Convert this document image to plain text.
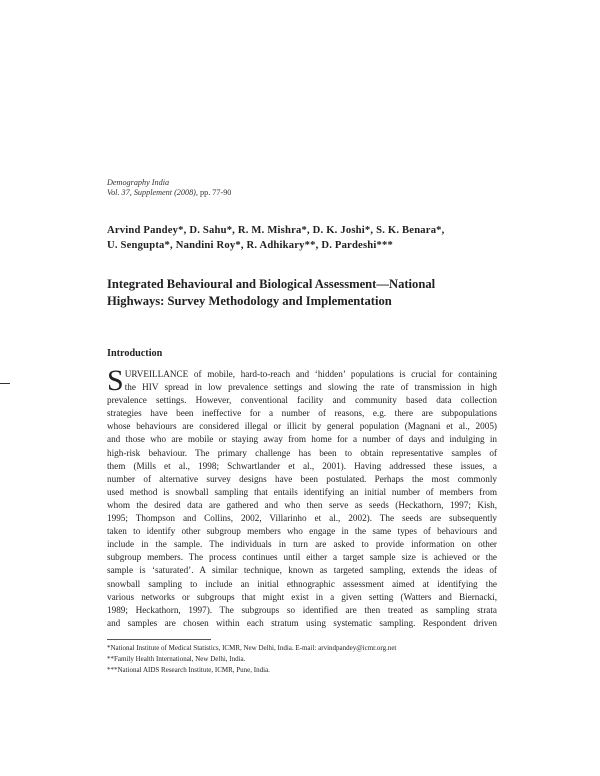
Demography India
Vol. 37, Supplement (2008), pp. 77-90
Arvind Pandey*, D. Sahu*, R. M. Mishra*, D. K. Joshi*, S. K. Benara*,
U. Sengupta*, Nandini Roy*, R. Adhikary**, D. Pardeshi***
Integrated Behavioural and Biological Assessment—National
Highways: Survey Methodology and Implementation
Introduction
S URVEILLANCE of mobile, hard-to-reach and ‘hidden’ populations is crucial for containing
the HIV spread in low prevalence settings and slowing the rate of transmission in high
prevalence settings. However, conventional facility and community based data collection
strategies have been ineffective for a number of reasons, e.g. there are subpopulations
whose behaviours are considered illegal or illicit by general population (Magnani et al., 2005)
and those who are mobile or staying away from home for a number of days and indulging in
high-risk behaviour. The primary challenge has been to obtain representative samples of
them (Mills et al., 1998; Schwartlander et al., 2001). Having addressed these issues, a
number of alternative survey designs have been postulated. Perhaps the most commonly
used method is snowball sampling that entails identifying an initial number of members from
whom the desired data are gathered and who then serve as seeds (Heckathorn, 1997; Kish,
1995; Thompson and Collins, 2002, Villarinho et al., 2002). The seeds are subsequently
taken to identify other subgroup members who engage in the same types of behaviours and
include in the sample. The individuals in turn are asked to provide information on other
subgroup members. The process continues until either a target sample size is achieved or the
sample is ‘saturated’. A similar technique, known as targeted sampling, extends the ideas of
snowball sampling to include an initial ethnographic assessment aimed at identifying the
various networks or subgroups that might exist in a given setting (Watters and Biernacki,
1989; Heckathorn, 1997). The subgroups so identified are then treated as sampling strata
and samples are chosen within each stratum using systematic sampling. Respondent driven
*National Institute of Medical Statistics, ICMR, New Delhi, India. E-mail: arvindpandey@icmr.org.net
**Family Health International, New Delhi, India.
***National AIDS Research Institute, ICMR, Pune, India.
